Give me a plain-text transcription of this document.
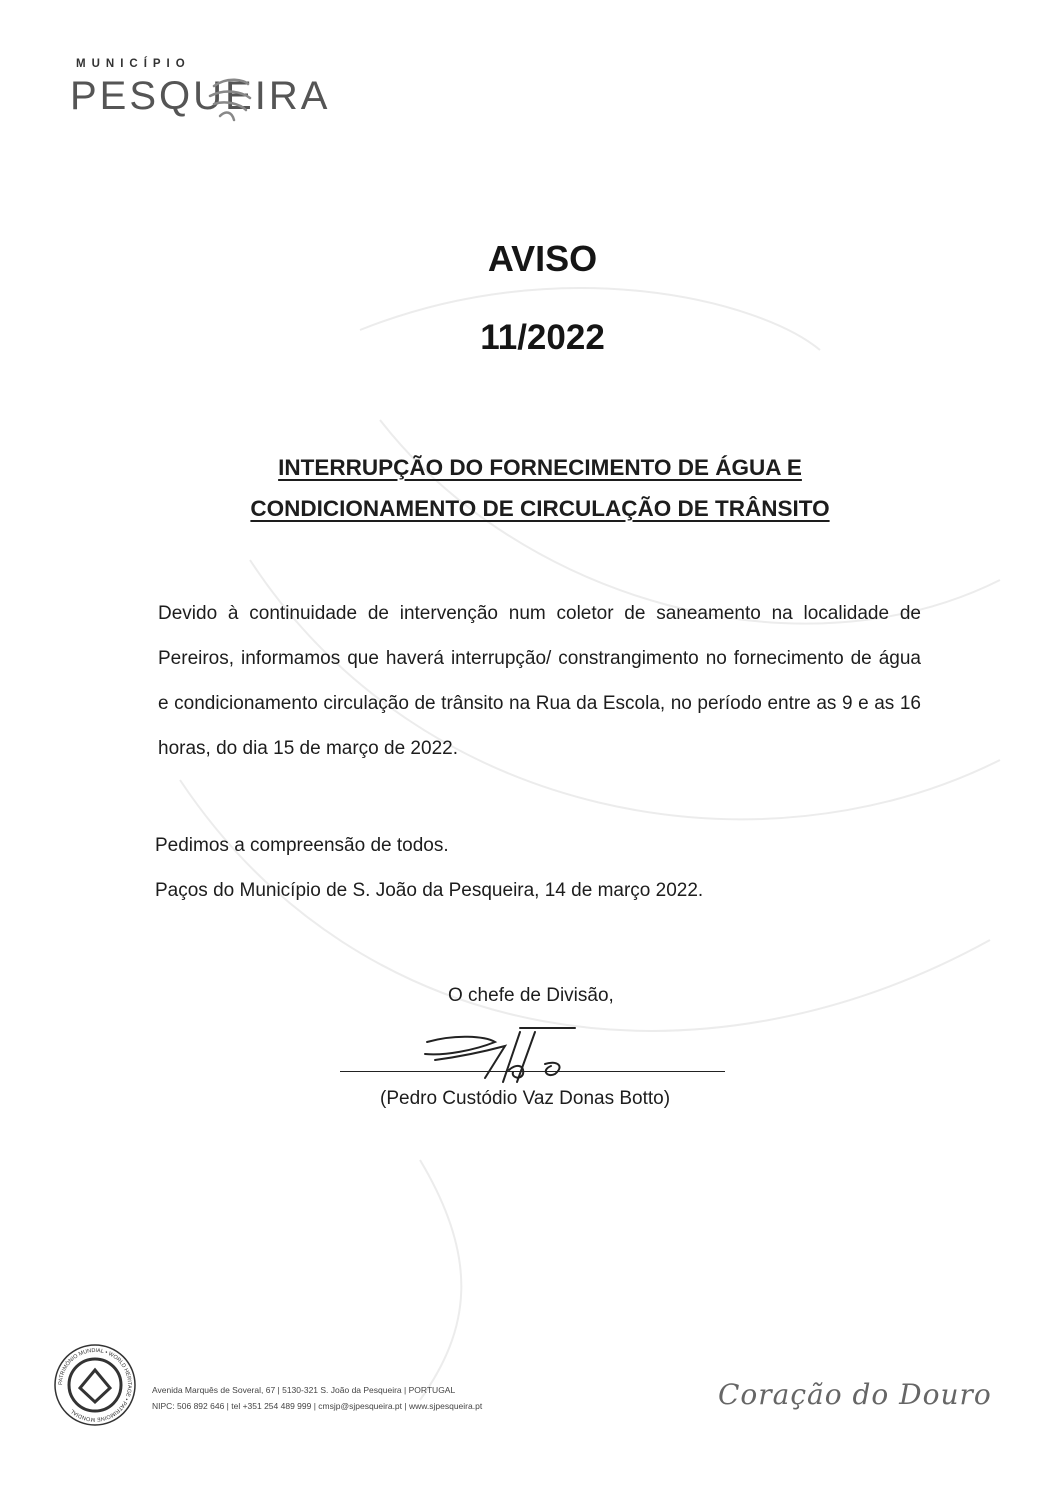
MUNICÍPIO
PESQUEIRA
AVISO
11/2022
INTERRUPÇÃO DO FORNECIMENTO DE ÁGUA E
CONDICIONAMENTO DE CIRCULAÇÃO DE TRÂNSITO
Devido à continuidade de intervenção num coletor de saneamento na localidade de Pereiros, informamos que haverá interrupção/ constrangimento no fornecimento de água e condicionamento circulação de trânsito na Rua da Escola, no período entre as 9 e as 16 horas, do dia 15 de março de 2022.
Pedimos a compreensão de todos.
Paços do Município de S. João da Pesqueira, 14 de março 2022.
O chefe de Divisão,
(Pedro Custódio Vaz Donas Botto)
PATRIMÓNIO MUNDIAL • WORLD HERITAGE • PATRIMOINE MONDIAL
Avenida Marquês de Soveral, 67 | 5130-321 S. João da Pesqueira | PORTUGAL
NIPC: 506 892 646 | tel +351 254 489 999 | cmsjp@sjpesqueira.pt | www.sjpesqueira.pt	Coração do Douro
